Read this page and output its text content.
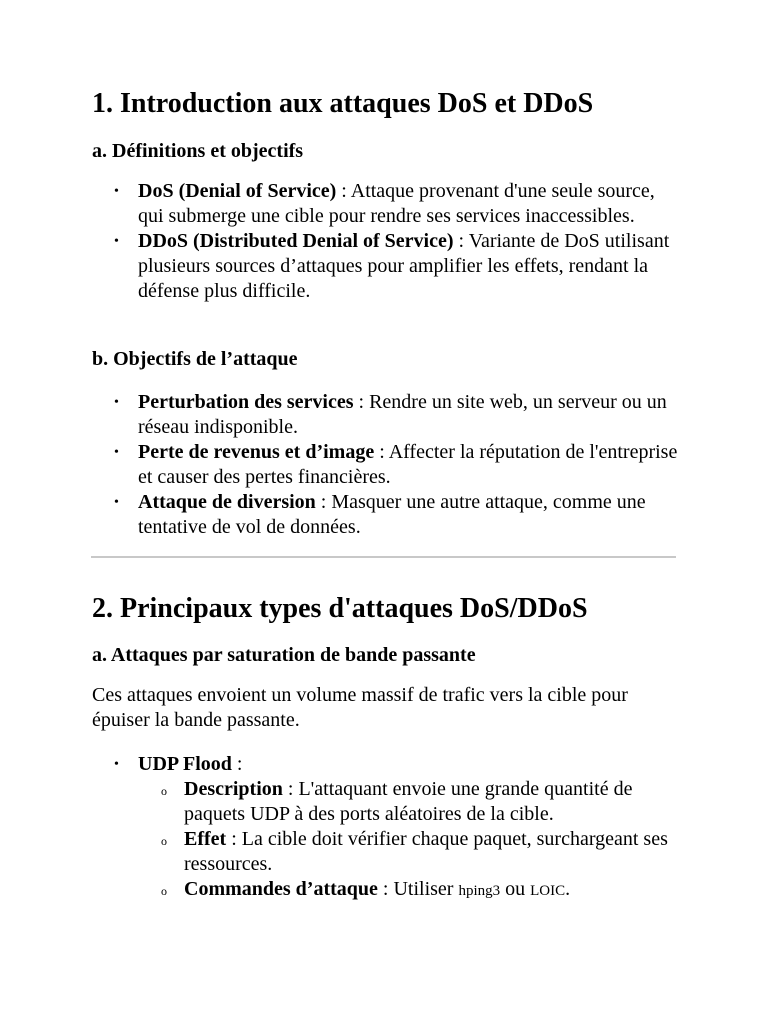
1. Introduction aux attaques DoS et DDoS
a. Définitions et objectifs
• DoS (Denial of Service) : Attaque provenant d'une seule source, qui submerge une cible pour rendre ses services inaccessibles.
• DDoS (Distributed Denial of Service) : Variante de DoS utilisant plusieurs sources d’attaques pour amplifier les effets, rendant la défense plus difficile.
b. Objectifs de l’attaque
• Perturbation des services : Rendre un site web, un serveur ou un réseau indisponible.
• Perte de revenus et d’image : Affecter la réputation de l'entreprise et causer des pertes financières.
• Attaque de diversion : Masquer une autre attaque, comme une tentative de vol de données.
2. Principaux types d'attaques DoS/DDoS
a. Attaques par saturation de bande passante

Ces attaques envoient un volume massif de trafic vers la cible pour épuiser la bande passante.

• UDP Flood :
o Description : L'attaquant envoie une grande quantité de paquets UDP à des ports aléatoires de la cible.
o Effet : La cible doit vérifier chaque paquet, surchargeant ses ressources.
o Commandes d’attaque : Utiliser hping3 ou LOIC.
